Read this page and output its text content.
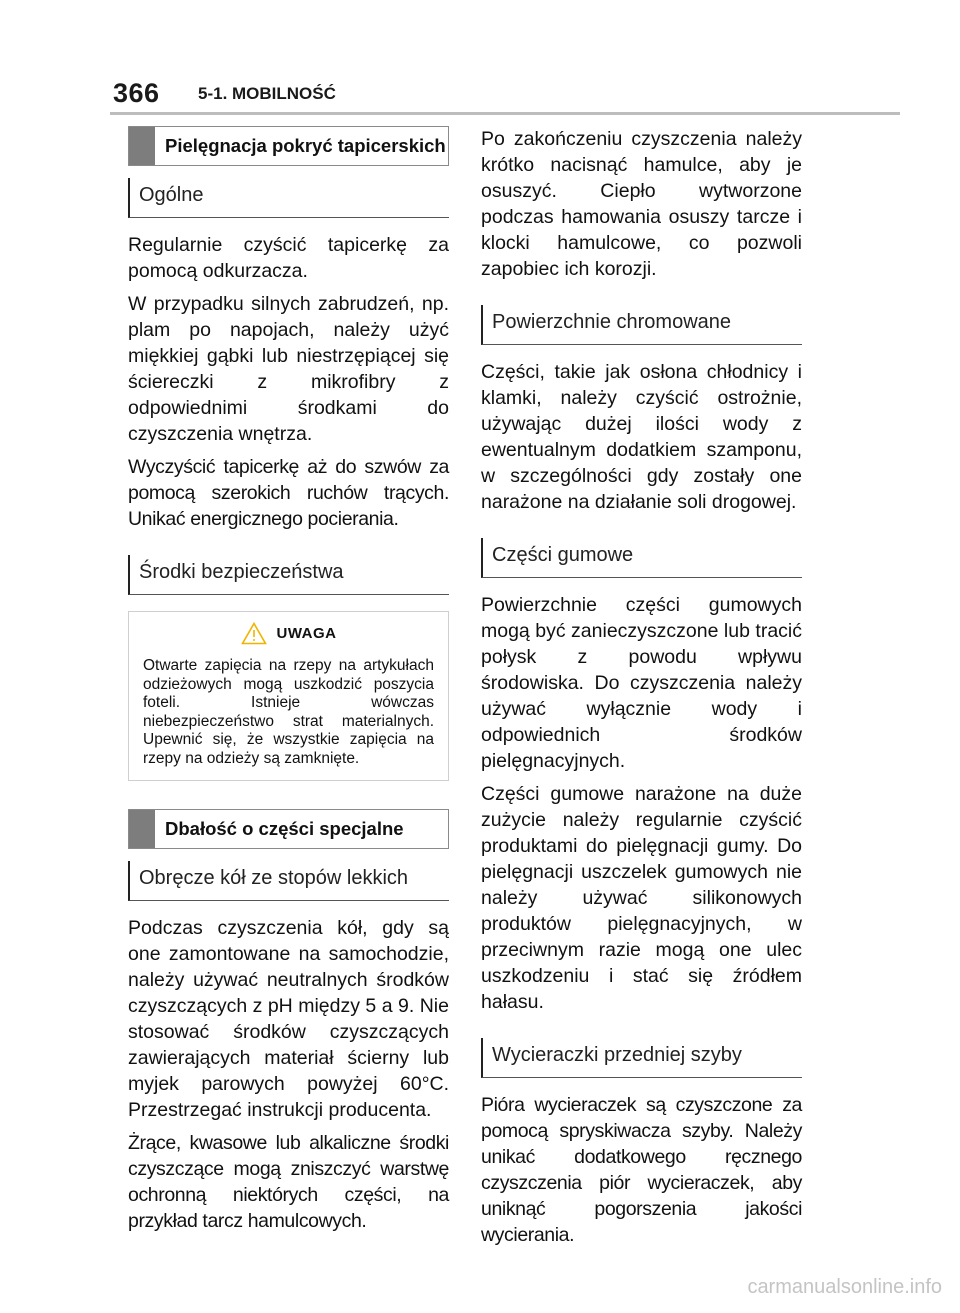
366 5-1. MOBILNOŚĆ
Pielęgnacja pokryć tapicerskich
Ogólne

Regularnie czyścić tapicerkę za pomocą odkurzacza.

W przypadku silnych zabrudzeń, np. plam po napojach, należy użyć miękkiej gąbki lub niestrzępiącej się ściereczki z mikrofibry z odpowiednimi środkami do czyszczenia wnętrza.

Wyczyścić tapicerkę aż do szwów za pomocą szerokich ruchów trących. Unikać energicznego pocierania.

Środki bezpieczeństwa
UWAGA

Otwarte zapięcia na rzepy na artykułach odzieżowych mogą uszkodzić poszycia foteli. Istnieje wówczas niebezpieczeństwo strat materialnych. Upewnić się, że wszystkie zapięcia na rzepy na odzieży są zamknięte.

Dbałość o części specjalne
Obręcze kół ze stopów lekkich

Podczas czyszczenia kół, gdy są one zamontowane na samochodzie, należy używać neutralnych środków czyszczących z pH między 5 a 9. Nie stosować środków czyszczących zawierających materiał ścierny lub myjek parowych powyżej 60°C. Przestrzegać instrukcji producenta.

Żrące, kwasowe lub alkaliczne środki czyszczące mogą zniszczyć warstwę ochronną niektórych części, na przykład tarcz hamulcowych.

Po zakończeniu czyszczenia należy krótko nacisnąć hamulce, aby je osuszyć. Ciepło wytworzone podczas hamowania osuszy tarcze i klocki hamulcowe, co pozwoli zapobiec ich korozji.

Powierzchnie chromowane

Części, takie jak osłona chłodnicy i klamki, należy czyścić ostrożnie, używając dużej ilości wody z ewentualnym dodatkiem szamponu, w szczególności gdy zostały one narażone na działanie soli drogowej.

Części gumowe

Powierzchnie części gumowych mogą być zanieczyszczone lub tracić połysk z powodu wpływu środowiska. Do czyszczenia należy używać wyłącznie wody i odpowiednich środków pielęgnacyjnych.

Części gumowe narażone na duże zużycie należy regularnie czyścić produktami do pielęgnacji gumy. Do pielęgnacji uszczelek gumowych nie należy używać silikonowych produktów pielęgnacyjnych, w przeciwnym razie mogą one ulec uszkodzeniu i stać się źródłem hałasu.

Wycieraczki przedniej szyby

Pióra wycieraczek są czyszczone za pomocą spryskiwacza szyby. Należy unikać dodatkowego ręcznego czyszczenia piór wycieraczek, aby uniknąć pogorszenia jakości wycierania.

carmanualsonline.info
